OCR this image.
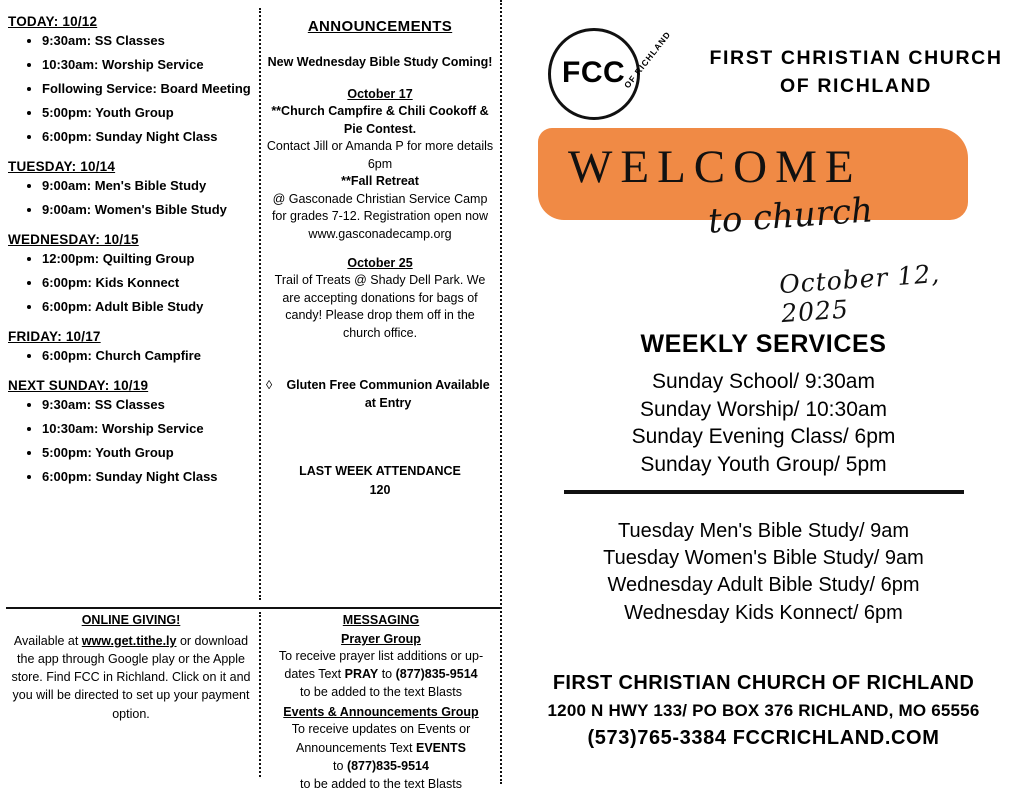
TODAY: 10/12
• 9:30am: SS Classes
• 10:30am: Worship Service
• Following Service: Board Meeting
• 5:00pm: Youth Group
• 6:00pm: Sunday Night Class
TUESDAY: 10/14
• 9:00am: Men's Bible Study
• 9:00am: Women's Bible Study
WEDNESDAY: 10/15
• 12:00pm: Quilting Group
• 6:00pm: Kids Konnect
• 6:00pm: Adult Bible Study
FRIDAY: 10/17
• 6:00pm: Church Campfire
NEXT SUNDAY: 10/19
• 9:30am: SS Classes
• 10:30am: Worship Service
• 5:00pm: Youth Group
• 6:00pm: Sunday Night Class
ANNOUNCEMENTS
New Wednesday Bible Study Coming!
October 17
**Church Campfire & Chili Cookoff & Pie Contest.
Contact Jill or Amanda P for more details
6pm
**Fall Retreat
@ Gasconade Christian Service Camp for grades 7-12. Registration open now
www.gasconadecamp.org
October 25
Trail of Treats @ Shady Dell Park. We are accepting donations for bags of candy! Please drop them off in the church office.
◊	Gluten Free Communion Available at Entry
LAST WEEK ATTENDANCE
120
ONLINE GIVING!
Available at www.get.tithe.ly or download the app through Google play or the Apple store. Find FCC in Richland. Click on it and you will be directed to set up your payment option.
MESSAGING
Prayer Group
To receive prayer list additions or up-dates Text PRAY to (877)835-9514
to be added to the text Blasts
Events & Announcements Group
To receive updates on Events or Announcements Text EVENTS
to (877)835-9514
to be added to the text Blasts
FCC
OF RICHLAND	FIRST CHRISTIAN CHURCH OF RICHLAND
WELCOME
to church
October 12, 2025
WEEKLY SERVICES
Sunday School/ 9:30am
Sunday Worship/ 10:30am
Sunday Evening Class/ 6pm
Sunday Youth Group/ 5pm
Tuesday Men's Bible Study/ 9am
Tuesday Women's Bible Study/ 9am
Wednesday Adult Bible Study/ 6pm
Wednesday Kids Konnect/ 6pm
FIRST CHRISTIAN CHURCH OF RICHLAND
1200 N HWY 133/ PO BOX 376 RICHLAND, MO 65556
(573)765-3384 FCCRICHLAND.COM
